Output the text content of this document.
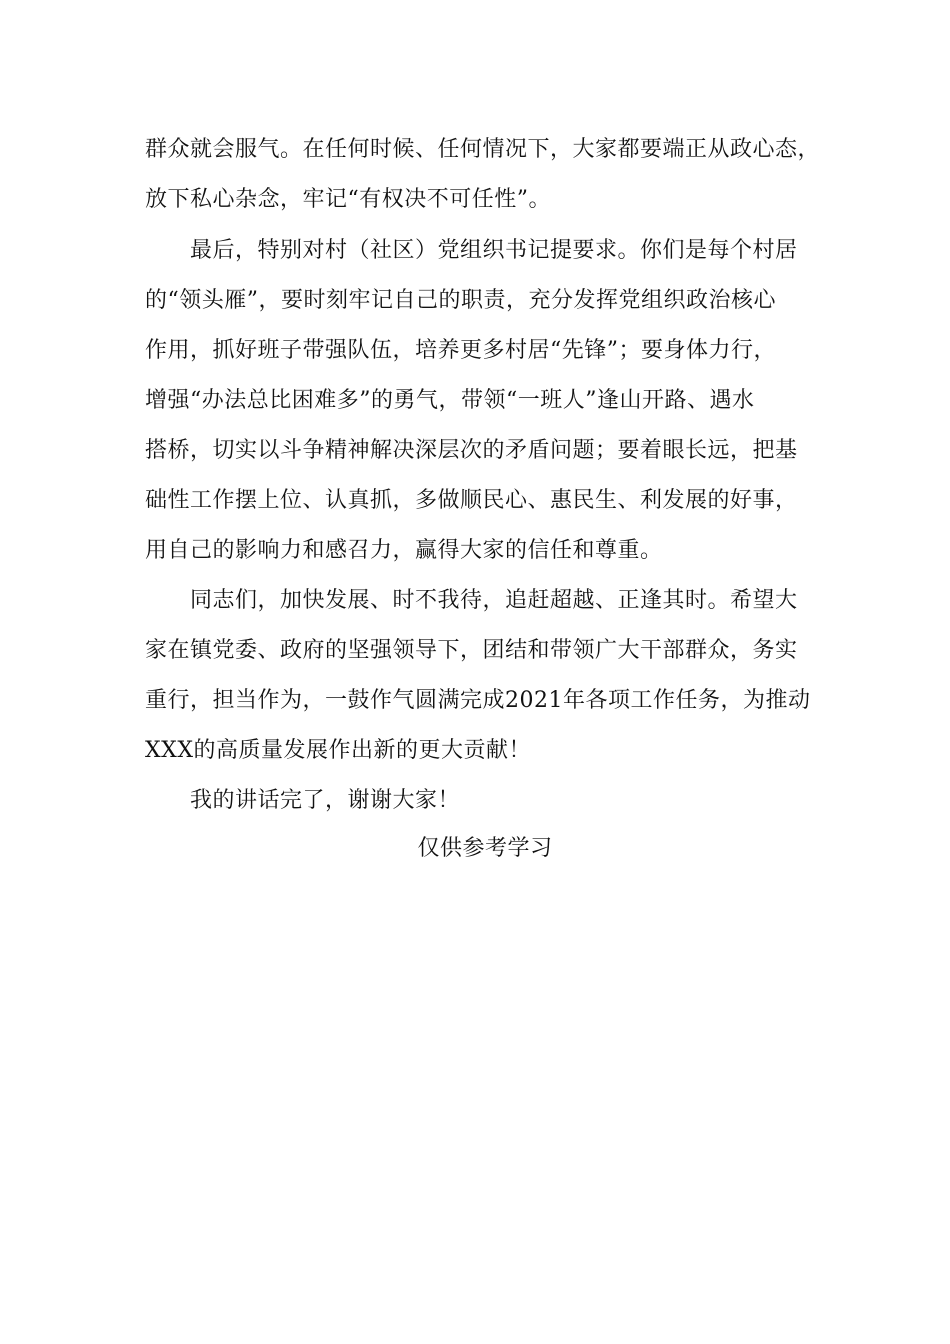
群众就会服气。在任何时候、任何情况下，大家都要端正从政心态，
放下私心杂念，牢记“有权决不可任性”。
最后，特别对村（社区）党组织书记提要求。你们是每个村居
的“领头雁”，要时刻牢记自己的职责，充分发挥党组织政治核心
作用，抓好班子带强队伍，培养更多村居“先锋”；要身体力行，
增强“办法总比困难多”的勇气，带领“一班人”逢山开路、遇水
搭桥，切实以斗争精神解决深层次的矛盾问题；要着眼长远，把基
础性工作摆上位、认真抓，多做顺民心、惠民生、利发展的好事，
用自己的影响力和感召力，赢得大家的信任和尊重。
同志们，加快发展、时不我待，追赶超越、正逢其时。希望大
家在镇党委、政府的坚强领导下，团结和带领广大干部群众，务实
重行，担当作为，一鼓作气圆满完成2021年各项工作任务，为推动
XXX的高质量发展作出新的更大贡献！
我的讲话完了，谢谢大家！
仅供参考学习
